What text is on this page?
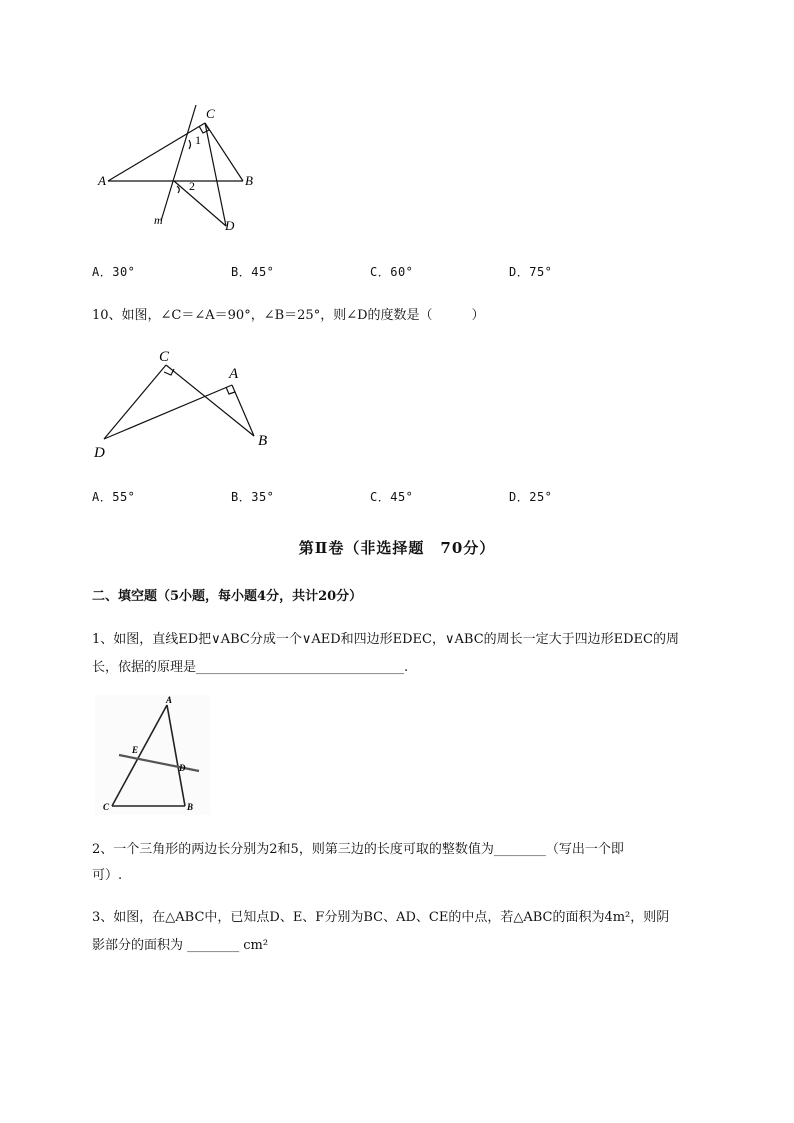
A	B
C
D
m
1
2
A．30°	B．45°	C．60°	D．75°
10、如图，∠C＝∠A＝90°，∠B＝25°，则∠D的度数是（　　　）
C
A
B
D
A．55°	B．35°	C．45°	D．25°
第Ⅱ卷（非选择题　70分）
二、填空题（5小题，每小题4分，共计20分）
1、如图，直线ED把∨ABC分成一个∨AED和四边形EDEC，∨ABC的周长一定大于四边形EDEC的周
长，依据的原理是________________________________.
A
E
D
C	B
2、一个三角形的两边长分别为2和5，则第三边的长度可取的整数值为________（写出一个即
可）.
3、如图，在△ABC中，已知点D、E、F分别为BC、AD、CE的中点，若△ABC的面积为4m²，则阴
影部分的面积为 ________ cm²
